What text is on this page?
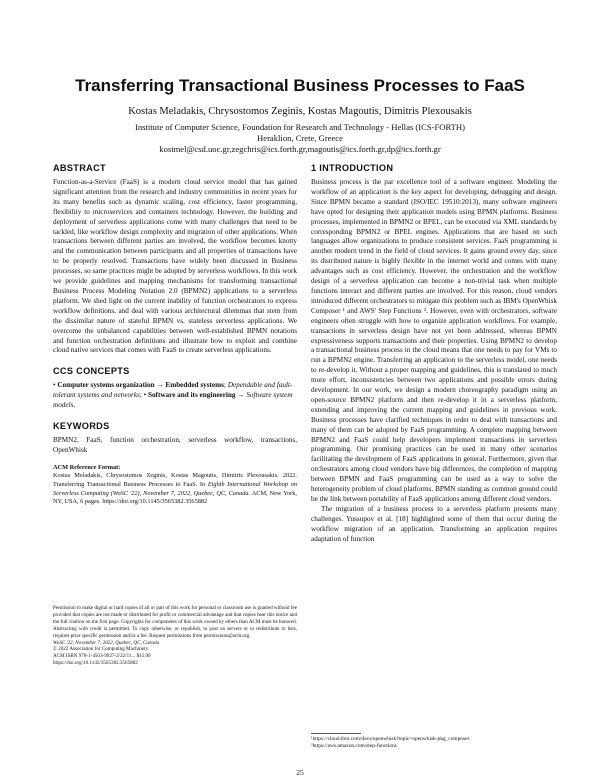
Transferring Transactional Business Processes to FaaS
Kostas Meladakis, Chrysostomos Zeginis, Kostas Magoutis, Dimitris Plexousakis
Institute of Computer Science, Foundation for Research and Technology - Hellas (ICS-FORTH)
Heraklion, Crete, Greece
kostmel@csd.uoc.gr,zegchris@ics.forth.gr,magoutis@ics.forth.gr,dp@ics.forth.gr
ABSTRACT

Function-as-a-Service (FaaS) is a modern cloud service model that has gained significant attention from the research and industry communities in recent years for its many benefits such as dynamic scaling, cost efficiency, faster programming, flexibility to microservices and containers technology. However, the building and deployment of serverless applications come with many challenges that need to be tackled, like workflow design complexity and migration of other applications. When transactions between different parties are involved, the workflow becomes knotty and the communication between participants and all properties of transactions have to be properly resolved. Transactions have widely been discussed in Business processes, so same practices might be adopted by serverless workflows. In this work we provide guidelines and mapping mechanisms for transforming transactional Business Process Modeling Notation 2.0 (BPMN2) applications to a serverless platform. We shed light on the current inability of function orchestrators to express workflow definitions, and deal with various architectural dilemmas that stem from the dissimilar nature of stateful BPMN vs. stateless serverless applications. We overcome the unbalanced capabilities between well-established BPMN notations and function orchestration definitions and illustrate how to exploit and combine cloud native services that comes with FaaS to create serverless applications.

CCS CONCEPTS
• Computer systems organization → Embedded systems; Dependable and fault-tolerant systems and networks; • Software and its engineering → Software system models.
KEYWORDS

BPMN2, FaaS, function orchestration, serverless workflow, transactions, OpenWhisk

ACM Reference Format:
Kostas Meladakis, Chrysostomos Zeginis, Kostas Magoutis, Dimitris Plexousakis. 2022. Transferring Transactional Business Processes to FaaS. In Eighth International Workshop on Serverless Computing (WoSC '22), November 7, 2022, Quebec, QC, Canada. ACM, New York, NY, USA, 6 pages. https://doi.org/10.1145/3565382.3565882
Permission to make digital or hard copies of all or part of this work for personal or classroom use is granted without fee provided that copies are not made or distributed for profit or commercial advantage and that copies bear this notice and the full citation on the first page. Copyrights for components of this work owned by others than ACM must be honored. Abstracting with credit is permitted. To copy otherwise, or republish, to post on servers or to redistribute to lists, requires prior specific permission and/or a fee. Request permissions from permissions@acm.org.
WoSC '22, November 7, 2022, Quebec, QC, Canada
© 2022 Association for Computing Machinery.
ACM ISBN 978-1-4503-9927-2/22/11... $15.00
https://doi.org/10.1145/3565382.3565882
1 INTRODUCTION

Business process is the par excellence tool of a software engineer. Modeling the workflow of an application is the key aspect for developing, debugging and design. Since BPMN became a standard (ISO/IEC 19510:2013), many software engineers have opted for designing their application models using BPMN platforms. Business processes, implemented in BPMN2 or BPEL, can be executed via XML standards by corresponding BPMN2 or BPEL engines. Applications that are based on such languages allow organizations to produce consistent services. FaaS programming is another modern trend in the field of cloud services. It gains ground every day, since its distributed nature is highly flexible in the internet world and comes with many advantages such as cost efficiency. However, the orchestration and the workflow design of a serverless application can become a non-trivial task when multiple functions interact and different parties are involved. For this reason, cloud vendors introduced different orchestrators to mitigate this problem such as IBM's OpenWhisk Composer ¹ and AWS' Step Functions ². However, even with orchestrators, software engineers often struggle with how to organize application workflows. For example, transactions in serverless design have not yet been addressed, whereas BPMN expressiveness supports transactions and their properties. Using BPMN2 to develop a transactional business process in the cloud means that one needs to pay for VMs to run a BPMN2 engine. Transferring an application to the serverless model, one needs to re-develop it. Without a proper mapping and guidelines, this is translated to much more effort, inconsistencies between two applications and possible errors during development. In our work, we design a modern choreography paradigm using an open-source BPMN2 platform and then re-develop it in a serverless platform, extending and improving the current mapping and guidelines in previous work. Business processes have clarified techniques in order to deal with transactions and many of them can be adopted by FaaS programming. A complete mapping between BPMN2 and FaaS could help developers implement transactions in serverless programming. Our promising practices can be used in many other scenarios facilitating the development of FaaS applications in general. Furthermore, given that orchestrators among cloud vendors have big differences, the completion of mapping between BPMN and FaaS programming can be used as a way to solve the heterogeneity problem of cloud platforms. BPMN standing as common ground could be the link between portability of FaaS applications among different cloud vendors.

The migration of a business process to a serverless platform presents many challenges. Yussupov et al. [18] highlighted some of them that occur during the workflow migration of an application. Transforming an application requires adaptation of function

¹https://cloud.ibm.com/docs/openwhisk?topic=openwhisk-pkg_composer
²https://aws.amazon.com/step-functions
25
